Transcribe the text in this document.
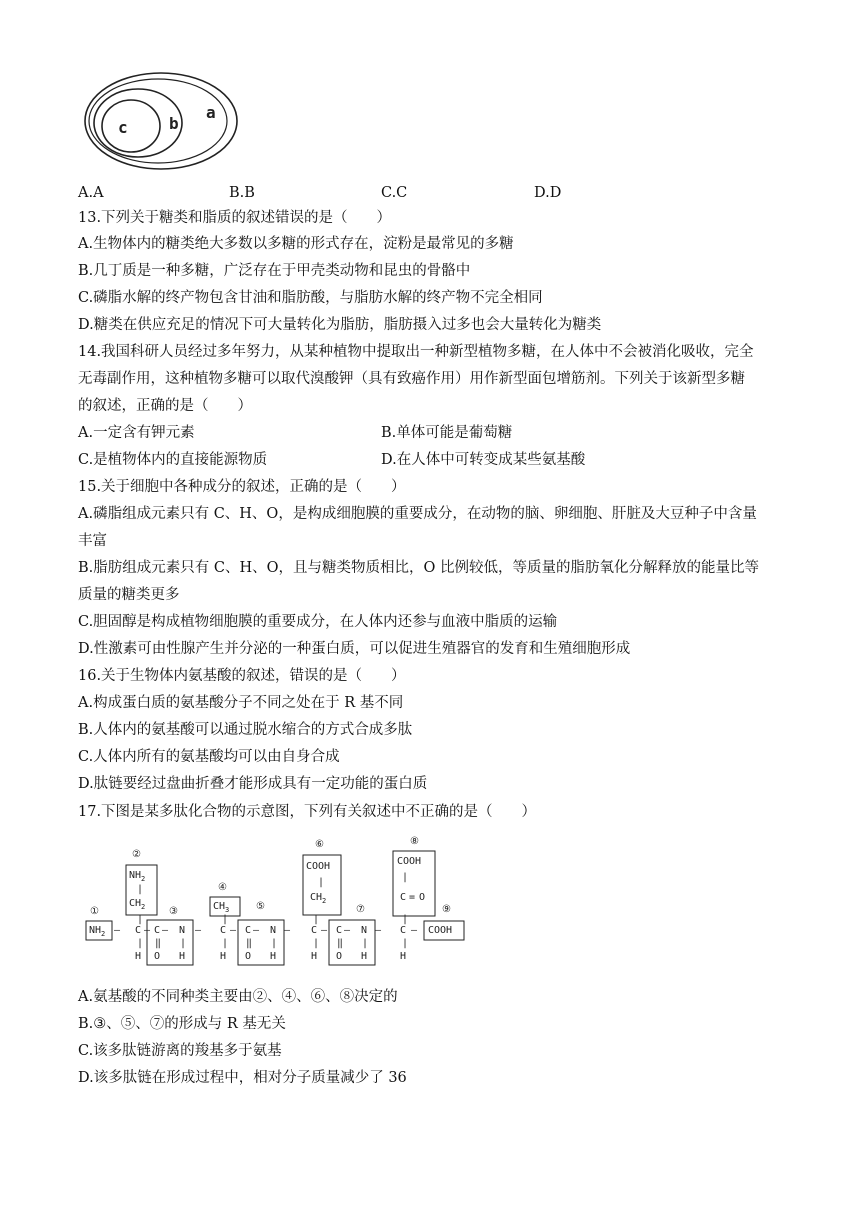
a
b
c
A.A	B.B	C.C	D.D
13.下列关于糖类和脂质的叙述错误的是（　　）
A.生物体内的糖类绝大多数以多糖的形式存在，淀粉是最常见的多糖
B.几丁质是一种多糖，广泛存在于甲壳类动物和昆虫的骨骼中
C.磷脂水解的终产物包含甘油和脂肪酸，与脂肪水解的终产物不完全相同
D.糖类在供应充足的情况下可大量转化为脂肪，脂肪摄入过多也会大量转化为糖类
14.我国科研人员经过多年努力，从某种植物中提取出一种新型植物多糖，在人体中不会被消化吸收，完全
无毒副作用，这种植物多糖可以取代溴酸钾（具有致癌作用）用作新型面包增筋剂。下列关于该新型多糖
的叙述，正确的是（　　）
A.一定含有钾元素	B.单体可能是葡萄糖
C.是植物体内的直接能源物质	D.在人体中可转变成某些氨基酸
15.关于细胞中各种成分的叙述，正确的是（　　）
A.磷脂组成元素只有 C、H、O，是构成细胞膜的重要成分，在动物的脑、卵细胞、肝脏及大豆种子中含量
丰富
B.脂肪组成元素只有 C、H、O，且与糖类物质相比，O 比例较低，等质量的脂肪氧化分解释放的能量比等
质量的糖类更多
C.胆固醇是构成植物细胞膜的重要成分，在人体内还参与血液中脂质的运输
D.性激素可由性腺产生并分泌的一种蛋白质，可以促进生殖器官的发育和生殖细胞形成
16.关于生物体内氨基酸的叙述，错误的是（　　）
A.构成蛋白质的氨基酸分子不同之处在于 R 基不同
B.人体内的氨基酸可以通过脱水缩合的方式合成多肽
C.人体内所有的氨基酸均可以由自身合成
D.肽链要经过盘曲折叠才能形成具有一定功能的蛋白质
17.下图是某多肽化合物的示意图，下列有关叙述中不正确的是（　　）
①
②
③
④
⑤
⑥
⑦
⑧
⑨
$NH_2$ —
$NH_2$
|
$CH_2$
|
C
|
H
— C — N
‖ |
O H
—
$CH_3$
|
C
|
H
— C — N
‖ |
O H
—
COOH
|
$CH_2$
|
C
|
H
— C — N
‖ |
O H
—
COOH
|
C = O
|
C
|
H
— COOH
A.氨基酸的不同种类主要由②、④、⑥、⑧决定的
B.③、⑤、⑦的形成与 R 基无关
C.该多肽链游离的羧基多于氨基
D.该多肽链在形成过程中，相对分子质量减少了 36
